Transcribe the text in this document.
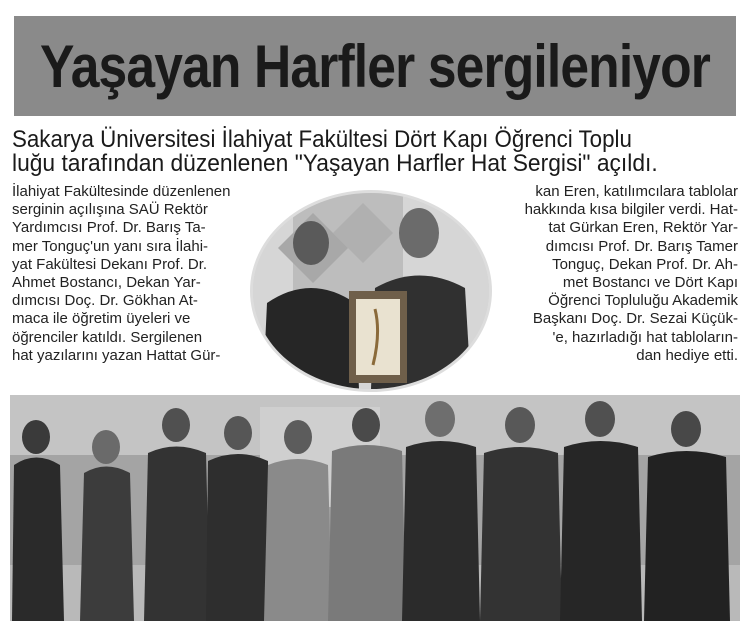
Yaşayan Harfler sergileniyor
Sakarya Üniversitesi İlahiyat Fakültesi Dört Kapı Öğrenci Toplu
luğu tarafından düzenlenen "Yaşayan Harfler Hat Sergisi" açıldı.
İlahiyat Fakültesinde düzenlenen
serginin açılışına SAÜ Rektör
Yardımcısı Prof. Dr. Barış Ta-
mer Tonguç'un yanı sıra İlahi-
yat Fakültesi Dekanı Prof. Dr.
Ahmet Bostancı, Dekan Yar-
dımcısı Doç. Dr. Gökhan At-
maca ile öğretim üyeleri ve
öğrenciler katıldı. Sergilenen
hat yazılarını yazan Hattat Gür-
kan Eren, katılımcılara tablolar
hakkında kısa bilgiler verdi. Hat-
tat Gürkan Eren, Rektör Yar-
dımcısı Prof. Dr. Barış Tamer
Tonguç, Dekan Prof. Dr. Ah-
met Bostancı ve Dört Kapı
Öğrenci Topluluğu Akademik
Başkanı Doç. Dr. Sezai Küçük-
'e, hazırladığı hat tabloların-
dan hediye etti.
